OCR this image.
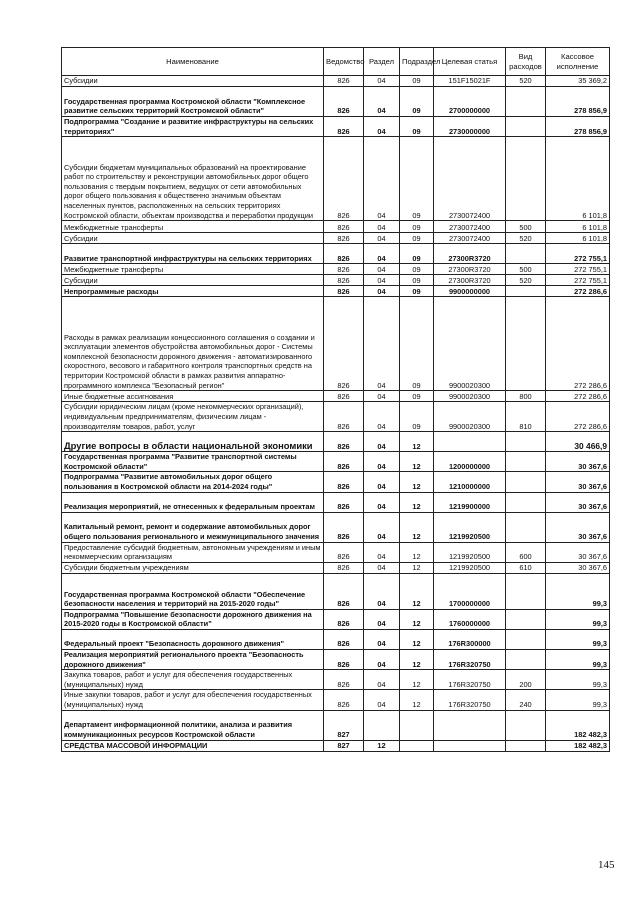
Наименование	Ведомство	Раздел	Подраздел	Целевая статья	Вид расходов	Кассовое исполнение
Субсидии	826	04	09	151F15021F	520	35 369,2
Государственная программа Костромской области "Комплексное развитие сельских территорий Костромской области"	826	04	09	2700000000		278 856,9
Подпрограмма "Создание и развитие инфраструктуры на сельских территориях"	826	04	09	2730000000		278 856,9
Субсидии бюджетам муниципальных образований на проектирование работ по строительству и реконструкции автомобильных дорог общего пользования с твердым покрытием, ведущих от сети автомобильных дорог общего пользования к общественно значимым объектам населенных пунктов, расположенных на сельских территориях Костромской области, объектам производства и переработки продукции	826	04	09	2730072400		6 101,8
Межбюджетные трансферты	826	04	09	2730072400	500	6 101,8
Субсидии	826	04	09	2730072400	520	6 101,8
Развитие транспортной инфраструктуры на сельских территориях	826	04	09	27300R3720		272 755,1
Межбюджетные трансферты	826	04	09	27300R3720	500	272 755,1
Субсидии	826	04	09	27300R3720	520	272 755,1
Непрограммные расходы	826	04	09	9900000000		272 286,6
Расходы в рамках реализации концессионного соглашения о создании и эксплуатации элементов обустройства автомобильных дорог - Системы комплексной безопасности дорожного движения - автоматизированного скоростного, весового и габаритного контроля транспортных средств на территории Костромской области в рамках развития аппаратно-программного комплекса "Безопасный регион"	826	04	09	9900020300		272 286,6
Иные бюджетные ассигнования	826	04	09	9900020300	800	272 286,6
Субсидии юридическим лицам (кроме некоммерческих организаций), индивидуальным предпринимателям, физическим лицам - производителям товаров, работ, услуг	826	04	09	9900020300	810	272 286,6
Другие вопросы в области национальной экономики	826	04	12			30 466,9
Государственная программа "Развитие транспортной системы Костромской области"	826	04	12	1200000000		30 367,6
Подпрограмма "Развитие автомобильных дорог общего пользования в Костромской области на 2014-2024 годы"	826	04	12	1210000000		30 367,6
Реализация мероприятий, не отнесенных к федеральным проектам	826	04	12	1219900000		30 367,6
Капитальный ремонт, ремонт и содержание автомобильных дорог общего пользования регионального и межмуниципального значения	826	04	12	1219920500		30 367,6
Предоставление субсидий бюджетным, автономным учреждениям и иным некоммерческим организациям	826	04	12	1219920500	600	30 367,6
Субсидии бюджетным учреждениям	826	04	12	1219920500	610	30 367,6
Государственная программа Костромской области "Обеспечение безопасности населения и территорий на 2015-2020 годы"	826	04	12	1700000000		99,3
Подпрограмма "Повышение безопасности дорожного движения на 2015-2020 годы в Костромской области"	826	04	12	1760000000		99,3
Федеральный проект "Безопасность дорожного движения"	826	04	12	176R300000		99,3
Реализация мероприятий регионального проекта "Безопасность дорожного движения"	826	04	12	176R320750		99,3
Закупка товаров, работ и услуг для обеспечения государственных (муниципальных) нужд	826	04	12	176R320750	200	99,3
Иные закупки товаров, работ и услуг для обеспечения государственных (муниципальных) нужд	826	04	12	176R320750	240	99,3
Департамент информационной политики, анализа и развития коммуникационных ресурсов Костромской области	827					182 482,3
СРЕДСТВА МАССОВОЙ ИНФОРМАЦИИ	827	12				182 482,3
145
